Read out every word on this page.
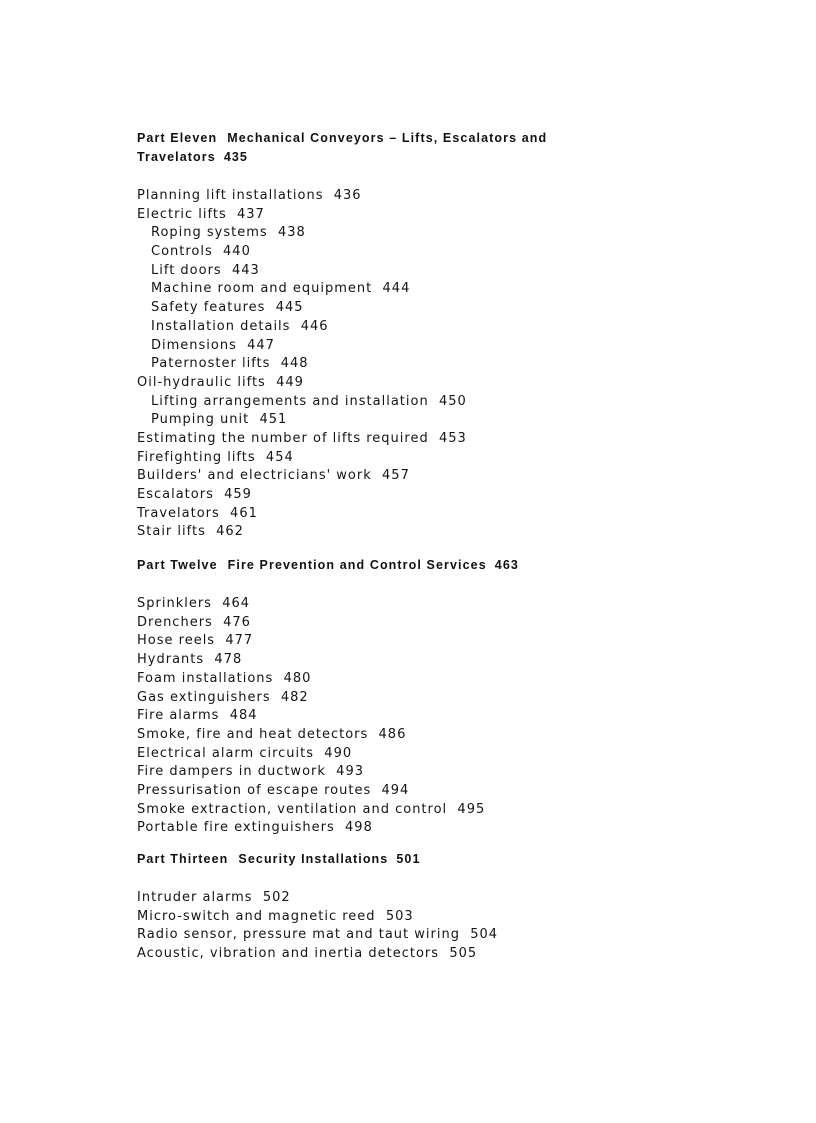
Part Eleven Mechanical Conveyors – Lifts, Escalators and
Travelators 435
Planning lift installations 436
Electric lifts 437
Roping systems 438
Controls 440
Lift doors 443
Machine room and equipment 444
Safety features 445
Installation details 446
Dimensions 447
Paternoster lifts 448
Oil-hydraulic lifts 449
Lifting arrangements and installation 450
Pumping unit 451
Estimating the number of lifts required 453
Firefighting lifts 454
Builders' and electricians' work 457
Escalators 459
Travelators 461
Stair lifts 462
Part Twelve Fire Prevention and Control Services 463
Sprinklers 464
Drenchers 476
Hose reels 477
Hydrants 478
Foam installations 480
Gas extinguishers 482
Fire alarms 484
Smoke, fire and heat detectors 486
Electrical alarm circuits 490
Fire dampers in ductwork 493
Pressurisation of escape routes 494
Smoke extraction, ventilation and control 495
Portable fire extinguishers 498
Part Thirteen Security Installations 501
Intruder alarms 502
Micro-switch and magnetic reed 503
Radio sensor, pressure mat and taut wiring 504
Acoustic, vibration and inertia detectors 505
